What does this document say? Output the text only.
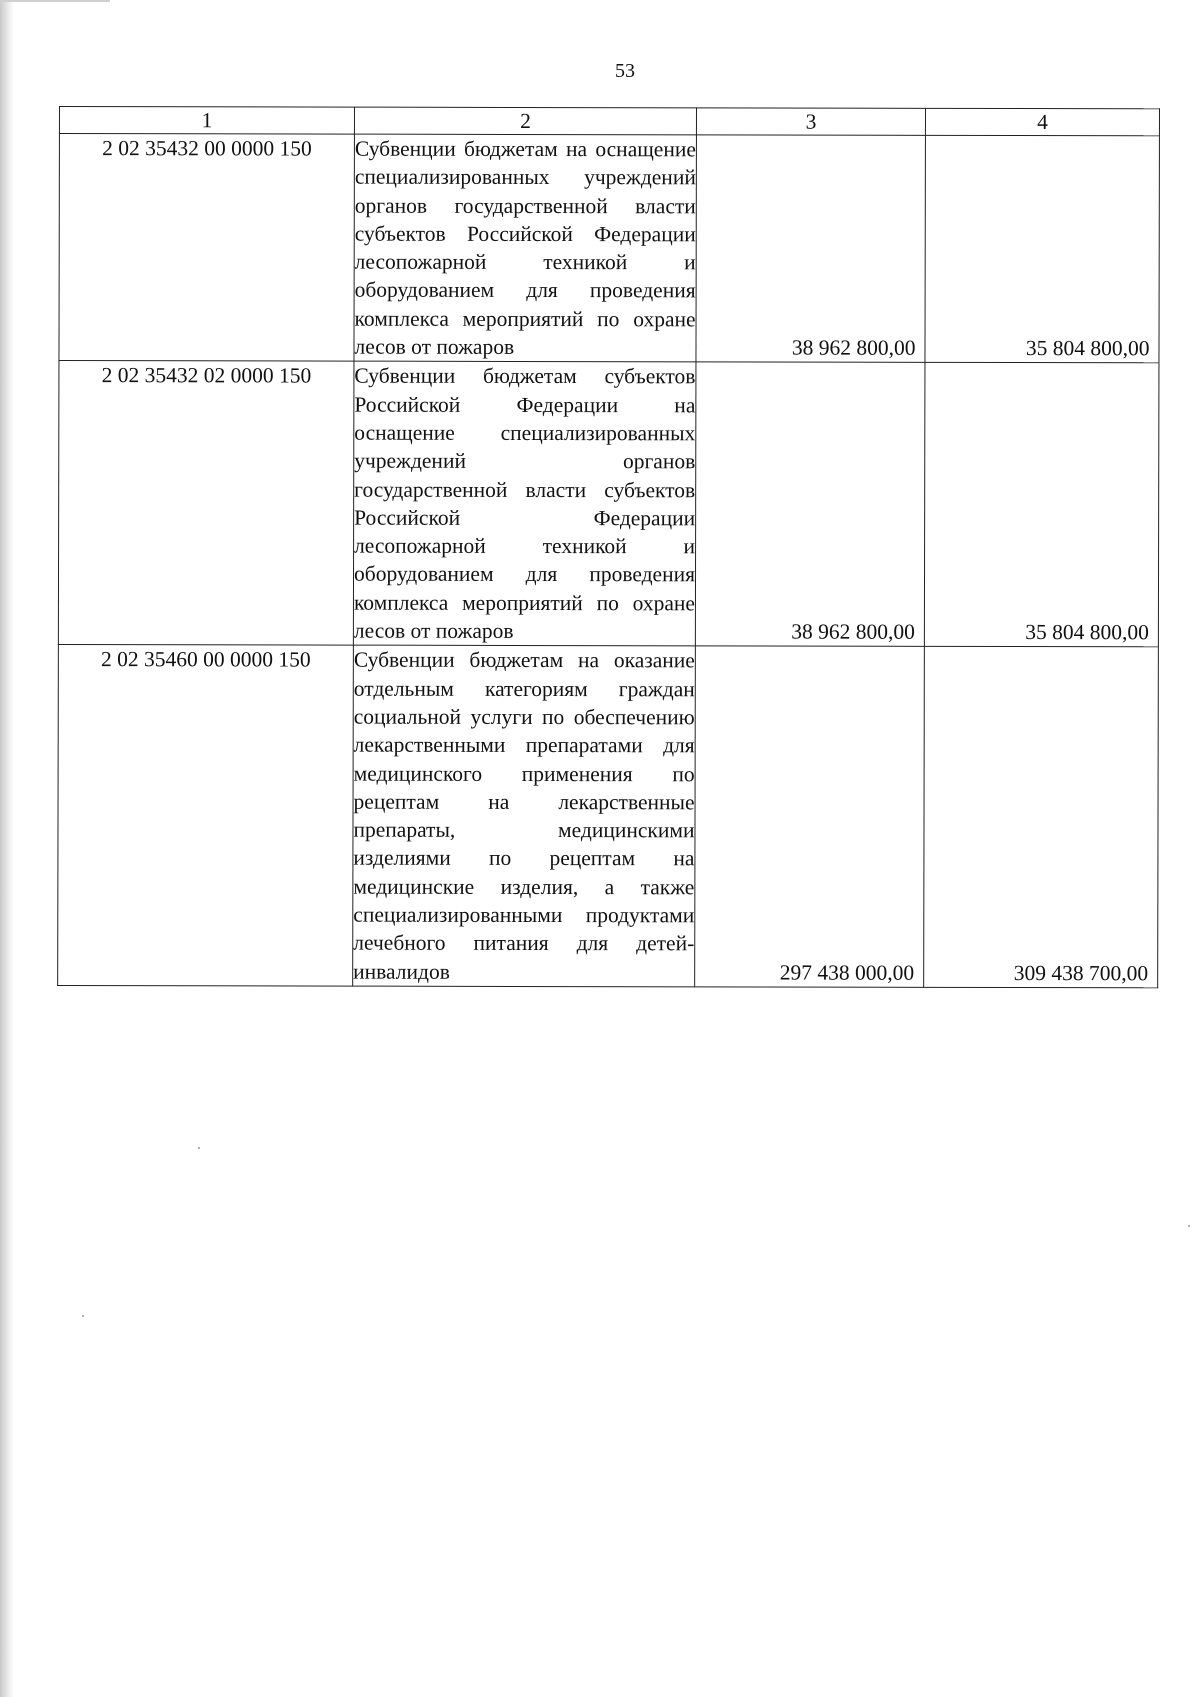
53
1	2	3	4
2 02 35432 00 0000 150	Субвенции бюджетам на оснащение специализированных учреждений органов государственной власти субъектов Российской Федерации лесопожарной техникой и оборудованием для проведения комплекса мероприятий по охране лесов от пожаров	38 962 800,00	35 804 800,00
2 02 35432 02 0000 150	Субвенции бюджетам субъектов Российской Федерации на оснащение специализированных учреждений органов государственной власти субъектов Российской Федерации лесопожарной техникой и оборудованием для проведения комплекса мероприятий по охране лесов от пожаров	38 962 800,00	35 804 800,00
2 02 35460 00 0000 150	Субвенции бюджетам на оказание отдельным категориям граждан социальной услуги по обеспечению лекарственными препаратами для медицинского применения по рецептам на лекарственные препараты, медицинскими изделиями по рецептам на медицинские изделия, а также специализированными продуктами лечебного питания для детей-инвалидов	297 438 000,00	309 438 700,00
